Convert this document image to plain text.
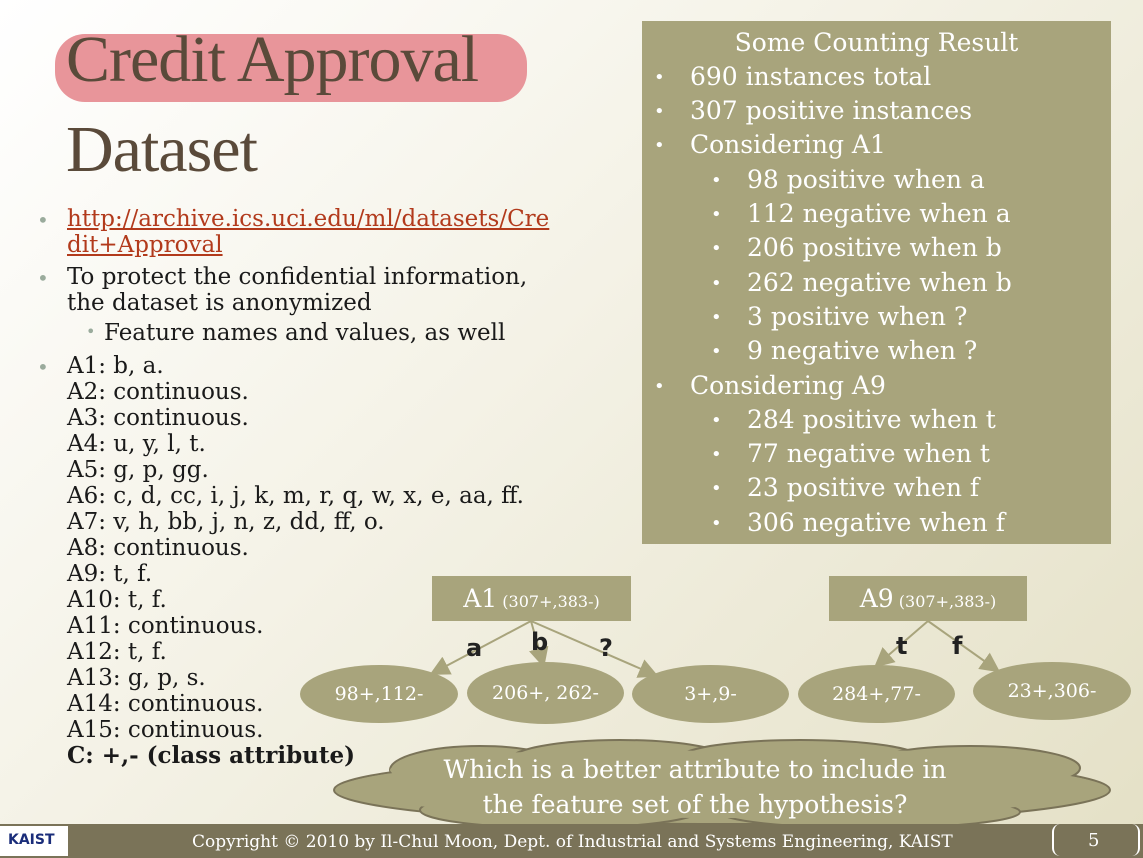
Credit Approval
Dataset
• http://archive.ics.uci.edu/ml/datasets/Credit+Approval
• To protect the confidential information, the dataset is anonymized
• Feature names and values, as well
• A1: b, a.
A2: continuous.
A3: continuous.
A4: u, y, l, t.
A5: g, p, gg.
A6: c, d, cc, i, j, k, m, r, q, w, x, e, aa, ff.
A7: v, h, bb, j, n, z, dd, ff, o.
A8: continuous.
A9: t, f.
A10: t, f.
A11: continuous.
A12: t, f.
A13: g, p, s.
A14: continuous.
A15: continuous.
C: +,- (class attribute)
Some Counting Result
• 690 instances total
• 307 positive instances
• Considering A1
• 98 positive when a
• 112 negative when a
• 206 positive when b
• 262 negative when b
• 3 positive when ?
• 9 negative when ?
• Considering A9
• 284 positive when t
• 77 negative when t
• 23 positive when f
• 306 negative when f
A1 (307+,383-)
a b ?
98+,112-	206+, 262-	3+,9-
A9 (307+,383-)
t f
284+,77-	23+,306-
Which is a better attribute to include in the feature set of the hypothesis?
KAIST	Copyright © 2010 by Il-Chul Moon, Dept. of Industrial and Systems Engineering, KAIST	5
